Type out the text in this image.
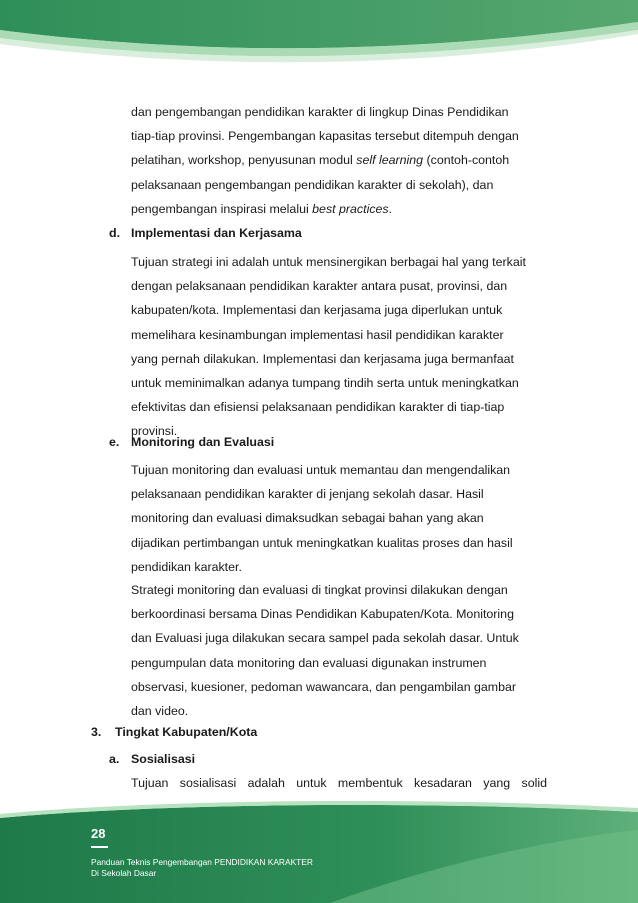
dan pengembangan pendidikan karakter di lingkup Dinas Pendidikan
tiap-tiap provinsi. Pengembangan kapasitas tersebut ditempuh dengan
pelatihan, workshop, penyusunan modul self learning (contoh-contoh
pelaksanaan pengembangan pendidikan karakter di sekolah), dan
pengembangan inspirasi melalui best practices.
d. Implementasi dan Kerjasama
Tujuan strategi ini adalah untuk mensinergikan berbagai hal yang terkait
dengan pelaksanaan pendidikan karakter antara pusat, provinsi, dan
kabupaten/kota. Implementasi dan kerjasama juga diperlukan untuk
memelihara kesinambungan implementasi hasil pendidikan karakter
yang pernah dilakukan. Implementasi dan kerjasama juga bermanfaat
untuk meminimalkan adanya tumpang tindih serta untuk meningkatkan
efektivitas dan efisiensi pelaksanaan pendidikan karakter di tiap-tiap
provinsi.
e. Monitoring dan Evaluasi
Tujuan monitoring dan evaluasi untuk memantau dan mengendalikan
pelaksanaan pendidikan karakter di jenjang sekolah dasar. Hasil
monitoring dan evaluasi dimaksudkan sebagai bahan yang akan
dijadikan pertimbangan untuk meningkatkan kualitas proses dan hasil
pendidikan karakter.
Strategi monitoring dan evaluasi di tingkat provinsi dilakukan dengan
berkoordinasi bersama Dinas Pendidikan Kabupaten/Kota. Monitoring
dan Evaluasi juga dilakukan secara sampel pada sekolah dasar. Untuk
pengumpulan data monitoring dan evaluasi digunakan instrumen
observasi, kuesioner, pedoman wawancara, dan pengambilan gambar
dan video.
3. Tingkat Kabupaten/Kota
a. Sosialisasi
Tujuan sosialisasi adalah untuk membentuk kesadaran yang solid
28
Panduan Teknis Pengembangan PENDIDIKAN KARAKTER
Di Sekolah Dasar
